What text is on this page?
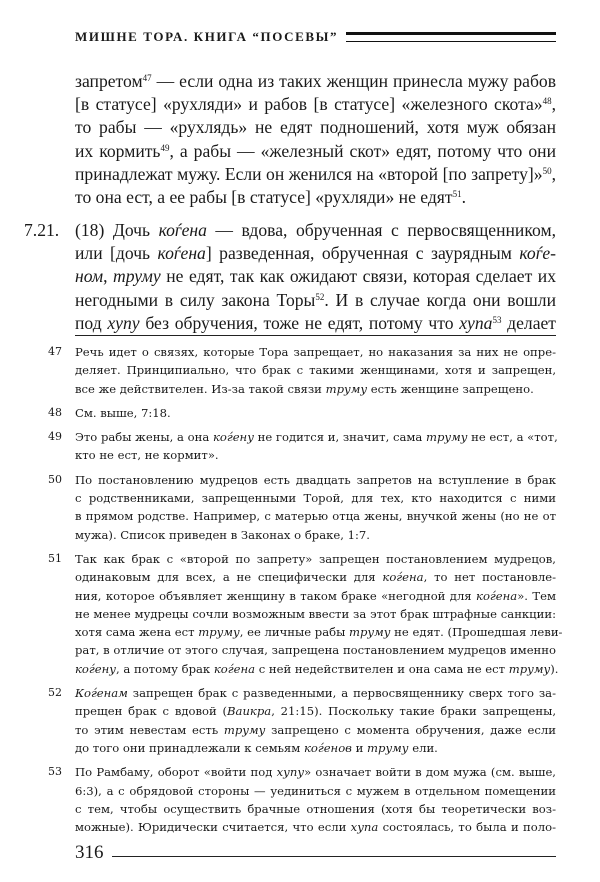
МИШНЕ ТОРА. КНИГА “ПОСЕВЫ”
запретом$^{47}$ — если одна из таких женщин принесла мужу рабов
[в статусе] «рухляди» и рабов [в статусе] «железного скота»$^{48}$,
то рабы — «рухлядь» не едят подношений, хотя муж обязан
их кормить$^{49}$, а рабы — «железный скот» едят, потому что они
принадлежат мужу. Если он женился на «второй [по запрету]»$^{50}$,
то она ест, а ее рабы [в статусе] «рухляди» не едят$^{51}$.
7.21. (18) Дочь коѓена — вдова, обрученная с первосвященником,
или [дочь коѓена] разведенная, обрученная с заурядным коѓе-
ном, труму не едят, так как ожидают связи, которая сделает их
негодными в силу закона Торы$^{52}$. И в случае когда они вошли
под хупу без обручения, тоже не едят, потому что хупа$^{53}$ делает
47 Речь идет о связях, которые Тора запрещает, но наказания за них не опре-
деляет. Принципиально, что брак с такими женщинами, хотя и запрещен,
все же действителен. Из-за такой связи труму есть женщине запрещено.
48 См. выше, 7:18.
49 Это рабы жены, а она коѓену не годится и, значит, сама труму не ест, а «тот,
кто не ест, не кормит».
50 По постановлению мудрецов есть двадцать запретов на вступление в брак
с родственниками, запрещенными Торой, для тех, кто находится с ними
в прямом родстве. Например, с матерью отца жены, внучкой жены (но не от
мужа). Список приведен в Законах о браке, 1:7.
51 Так как брак с «второй по запрету» запрещен постановлением мудрецов,
одинаковым для всех, а не специфически для коѓена, то нет постановле-
ния, которое объявляет женщину в таком браке «негодной для коѓена». Тем
не менее мудрецы сочли возможным ввести за этот брак штрафные санкции:
хотя сама жена ест труму, ее личные рабы труму не едят. (Прошедшая леви-
рат, в отличие от этого случая, запрещена постановлением мудрецов именно
коѓену, а потому брак коѓена с ней недействителен и она сама не ест труму).
52 Коѓенам запрещен брак с разведенными, а первосвященнику сверх того за-
прещен брак с вдовой (Ваикра, 21:15). Поскольку такие браки запрещены,
то этим невестам есть труму запрещено с момента обручения, даже если
до того они принадлежали к семьям коѓенов и труму ели.
53 По Рамбаму, оборот «войти под хупу» означает войти в дом мужа (см. выше,
6:3), а с обрядовой стороны — уединиться с мужем в отдельном помещении
с тем, чтобы осуществить брачные отношения (хотя бы теоретически воз-
можные). Юридически считается, что если хупа состоялась, то была и поло-
316
